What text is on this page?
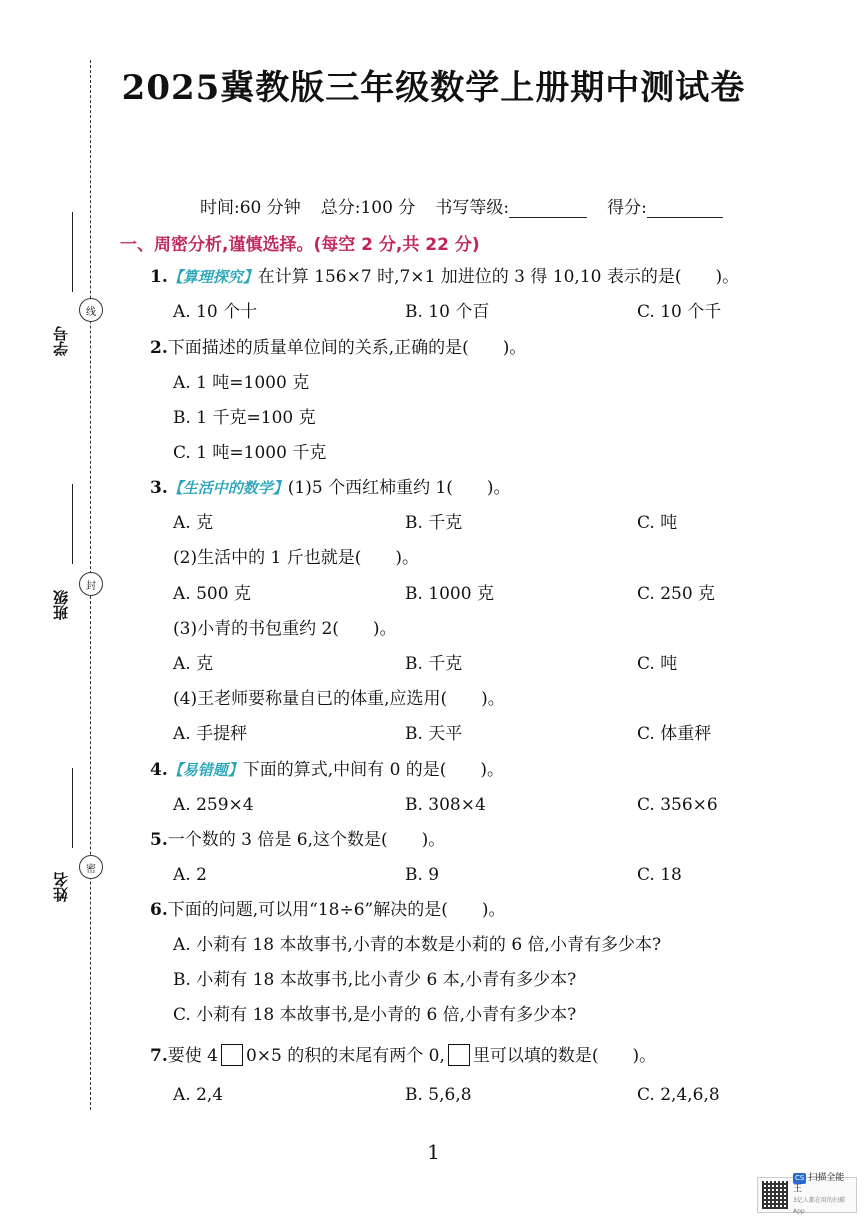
线
学号
封
班级
密
姓名
2025冀教版三年级数学上册期中测试卷
时间:60 分钟 总分:100 分 书写等级:	得分:
一、周密分析,谨慎选择。(每空 2 分,共 22 分)
1.【算理探究】在计算 156×7 时,7×1 加进位的 3 得 10,10 表示的是(　　)。
A. 10 个十	B. 10 个百	C. 10 个千
2.下面描述的质量单位间的关系,正确的是(　　)。
A. 1 吨=1000 克
B. 1 千克=100 克
C. 1 吨=1000 千克
3.【生活中的数学】(1)5 个西红柿重约 1(　　)。
A. 克	B. 千克	C. 吨
(2)生活中的 1 斤也就是(　　)。
A. 500 克	B. 1000 克	C. 250 克
(3)小青的书包重约 2(　　)。
A. 克	B. 千克	C. 吨
(4)王老师要称量自已的体重,应选用(　　)。
A. 手提秤	B. 天平	C. 体重秤
4.【易错题】下面的算式,中间有 0 的是(　　)。
A. 259×4	B. 308×4	C. 356×6
5.一个数的 3 倍是 6,这个数是(　　)。
A. 2	B. 9	C. 18
6.下面的问题,可以用“18÷6”解决的是(　　)。
A. 小莉有 18 本故事书,小青的本数是小莉的 6 倍,小青有多少本?
B. 小莉有 18 本故事书,比小青少 6 本,小青有多少本?
C. 小莉有 18 本故事书,是小青的 6 倍,小青有多少本?
7.要使 4 0×5 的积的末尾有两个 0, 里可以填的数是(　　)。
A. 2,4	B. 5,6,8	C. 2,4,6,8
1
CS 扫描全能王
3亿人都在用的扫描App
